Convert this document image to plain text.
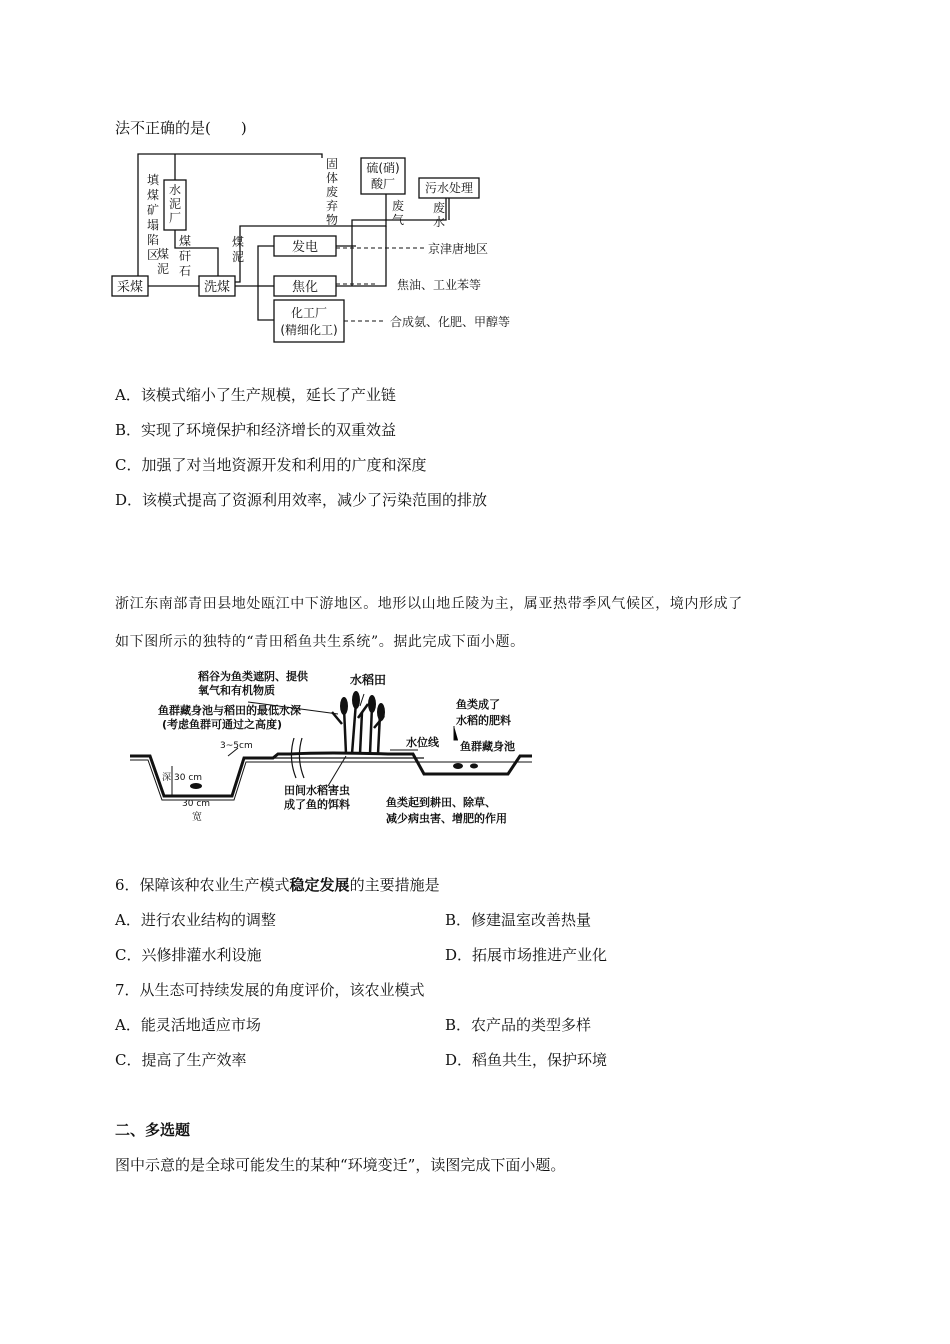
法不正确的是(　　)
采煤	洗煤
水
泥
厂
发电
焦化
化工厂
(精细化工)
硫(硝)
酸厂 污水处理
填
煤
矿
塌
陷
区
煤
泥
煤
矸
石
煤
泥
固
体
废
弃
物
废
气
废
水
京津唐地区
焦油、工业苯等
合成氨、化肥、甲醇等
A．该模式缩小了生产规模，延长了产业链
B．实现了环境保护和经济增长的双重效益
C．加强了对当地资源开发和利用的广度和深度
D．该模式提高了资源利用效率，减少了污染范围的排放
浙江东南部青田县地处瓯江中下游地区。地形以山地丘陵为主，属亚热带季风气候区，境内形成了
如下图所示的独特的“青田稻鱼共生系统”。据此完成下面小题。
稻谷为鱼类遮阴、提供
氧气和有机物质
水稻田
鱼群藏身池与稻田的最低水深
(考虑鱼群可通过之高度)
3~5cm
深 30 cm
30 cm
宽
田间水稻害虫
成了鱼的饵料
鱼类成了
水稻的肥料
水位线 鱼群藏身池
鱼类起到耕田、除草、
减少病虫害、增肥的作用
6．保障该种农业生产模式稳定发展的主要措施是
A．进行农业结构的调整	B．修建温室改善热量
C．兴修排灌水利设施	D．拓展市场推进产业化
7．从生态可持续发展的角度评价，该农业模式
A．能灵活地适应市场	B．农产品的类型多样
C．提高了生产效率	D．稻鱼共生，保护环境
二、多选题
图中示意的是全球可能发生的某种“环境变迁”，读图完成下面小题。
